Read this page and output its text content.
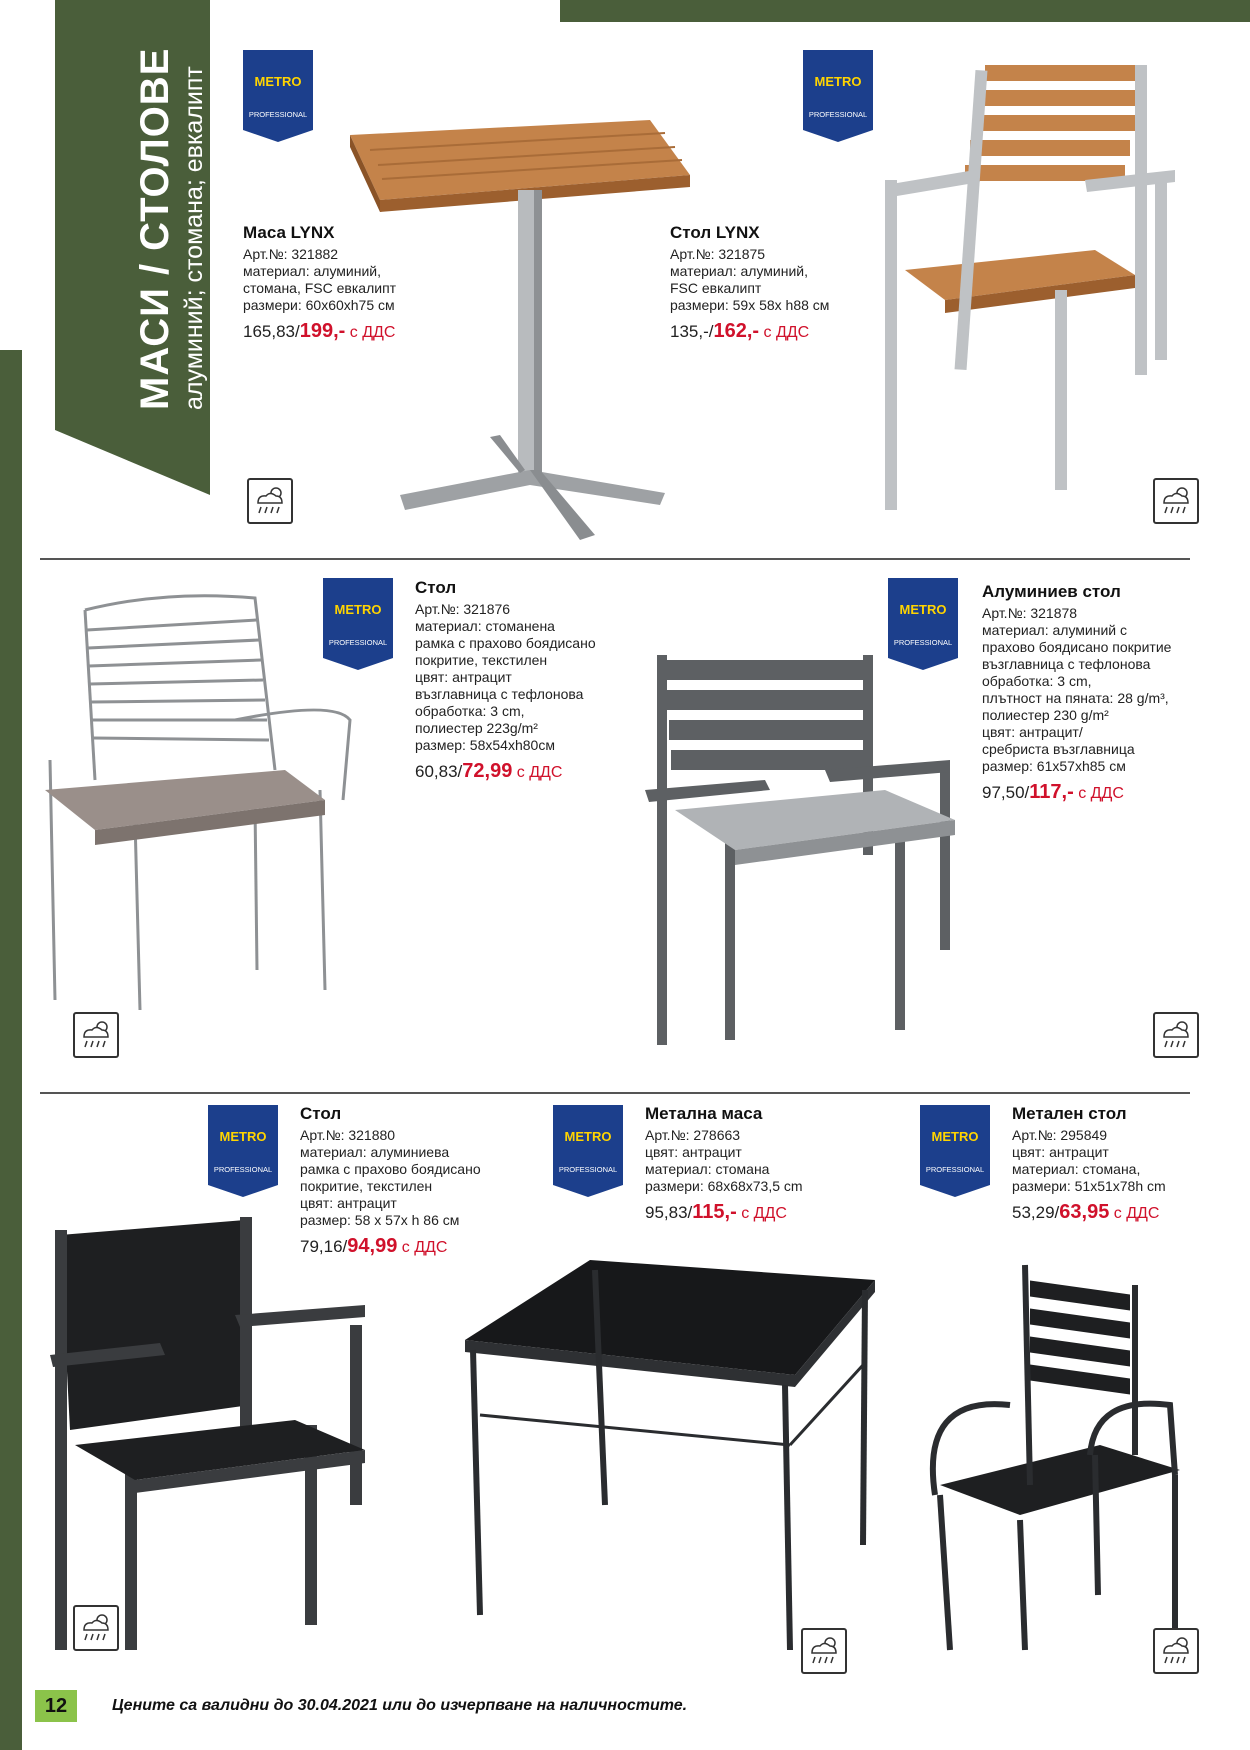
МАСИ / СТОЛОВЕ алуминий; стомана; евкалипт	METRO
PROFESSIONAL
Маса LYNX
Арт.№: 321882
материал: алуминий,
стомана, FSC евкалипт
размери: 60x60xh75 см
165,83/199,- с ДДС
METRO
PROFESSIONAL
Стол LYNX
Арт.№: 321875
материал: алуминий,
FSC евкалипт
размери: 59x 58x h88 см
135,-/162,- с ДДС
METRO
PROFESSIONAL
Стол
Арт.№: 321876
материал: стоманена
рамка с прахово боядисано
покритие, текстилен
цвят: антрацит
възглавница с тефлонова
обработка: 3 cm,
полиестер 223g/m²
размер: 58x54xh80см
60,83/72,99 с ДДС
METRO
PROFESSIONAL
Алуминиев стол
Арт.№: 321878
материал: алуминий с
прахово боядисано покритие
възглавница с тефлонова
обработка: 3 cm,
плътност на пяната: 28 g/m³,
полиестер 230 g/m²
цвят: антрацит/
сребриста възглавница
размер: 61x57xh85 см
97,50/117,- с ДДС
METRO
PROFESSIONAL
Стол
Арт.№: 321880
материал: алуминиева
рамка с прахово боядисано
покритие, текстилен
цвят: антрацит
размер: 58 x 57x h 86 см
79,16/94,99 с ДДС
METRO
PROFESSIONAL
Метална маса
Арт.№: 278663
цвят: антрацит
материал: стомана
размери: 68x68x73,5 cm
95,83/115,- с ДДС
METRO
PROFESSIONAL
Метален стол
Арт.№: 295849
цвят: антрацит
материал: стомана,
размери: 51x51x78h cm
53,29/63,95 с ДДС
12	Цените са валидни до 30.04.2021 или до изчерпване на наличностите.
